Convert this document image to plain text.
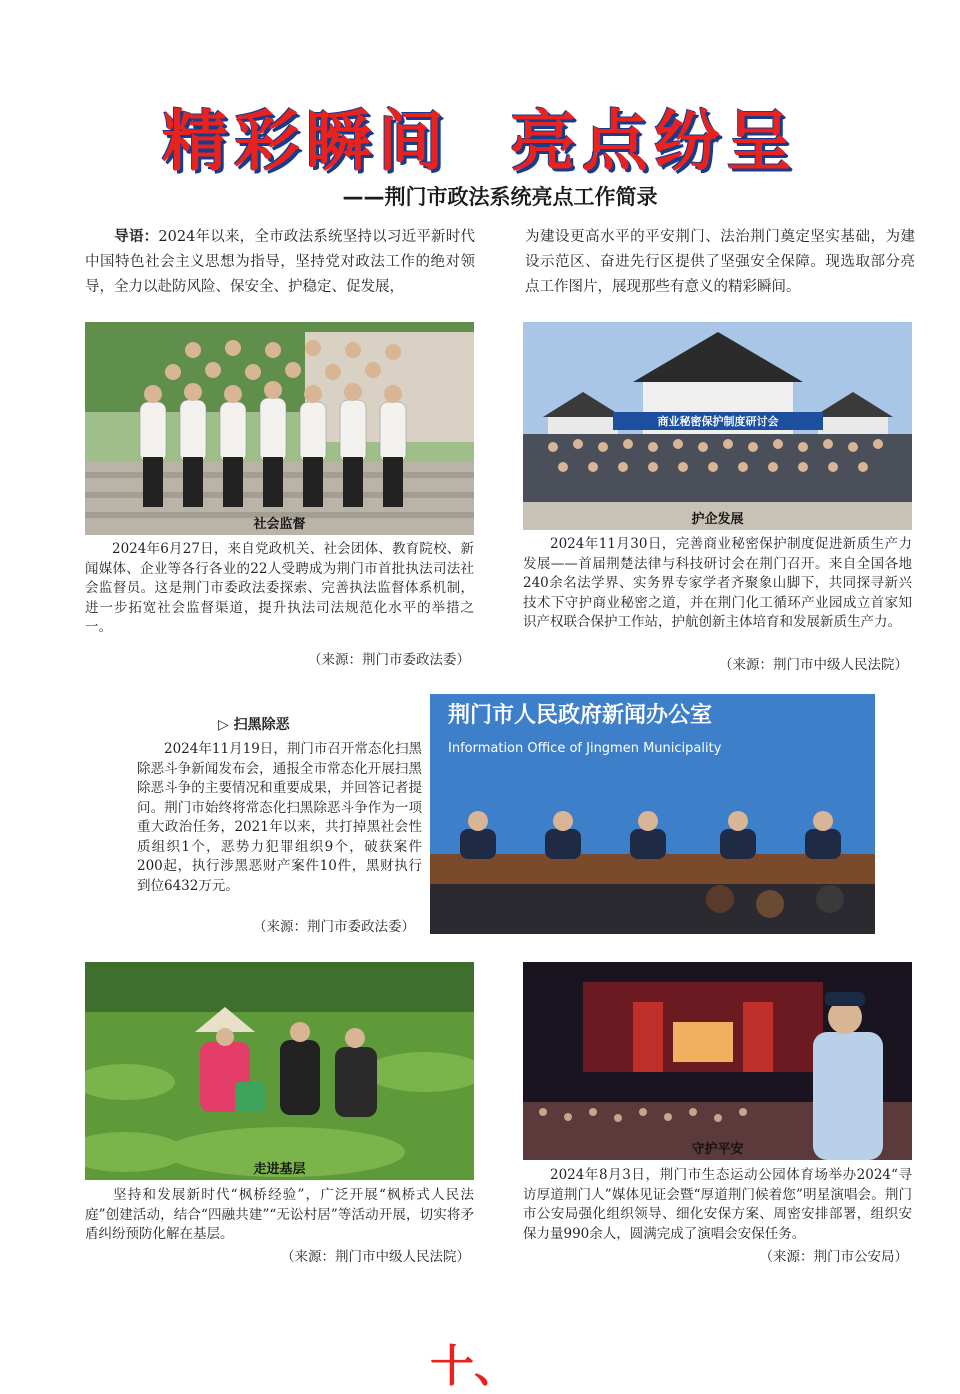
精彩瞬间 亮点纷呈
——荆门市政法系统亮点工作简录
  导语：2024年以来，全市政法系统坚持以习近平新时代中国特色社会主义思想为指导，坚持党对政法工作的绝对领导，全力以赴防风险、保安全、护稳定、促发展，
为建设更高水平的平安荆门、法治荆门奠定坚实基础，为建设示范区、奋进先行区提供了坚强安全保障。现选取部分亮点工作图片，展现那些有意义的精彩瞬间。
社会监督
  2024年6月27日，来自党政机关、社会团体、教育院校、新闻媒体、企业等各行各业的22人受聘成为荆门市首批执法司法社会监督员。这是荆门市委政法委探索、完善执法监督体系机制，进一步拓宽社会监督渠道，提升执法司法规范化水平的举措之一。
（来源：荆门市委政法委）
商业秘密保护制度研讨会
护企发展
  2024年11月30日，完善商业秘密保护制度促进新质生产力发展——首届荆楚法律与科技研讨会在荆门召开。来自全国各地240余名法学界、实务界专家学者齐聚象山脚下，共同探寻新兴技术下守护商业秘密之道，并在荆门化工循环产业园成立首家知识产权联合保护工作站，护航创新主体培育和发展新质生产力。
（来源：荆门市中级人民法院）
▷ 扫黑除恶
  2024年11月19日，荆门市召开常态化扫黑除恶斗争新闻发布会，通报全市常态化开展扫黑除恶斗争的主要情况和重要成果，并回答记者提问。荆门市始终将常态化扫黑除恶斗争作为一项重大政治任务，2021年以来，共打掉黑社会性质组织1个，恶势力犯罪组织9个，破获案件200起，执行涉黑恶财产案件10件，黑财执行到位6432万元。
（来源：荆门市委政法委）
荆门市人民政府新闻办公室
Information Office of Jingmen Municipality
走进基层
  坚持和发展新时代“枫桥经验”，广泛开展“枫桥式人民法庭”创建活动，结合“四融共建”“无讼村居”等活动开展，切实将矛盾纠纷预防化解在基层。
（来源：荆门市中级人民法院）
守护平安
  2024年8月3日，荆门市生态运动公园体育场举办2024“寻访厚道荆门人”媒体见证会暨“厚道荆门候着您”明星演唱会。荆门市公安局强化组织领导、细化安保方案、周密安排部署，组织安保力量990余人，圆满完成了演唱会安保任务。
（来源：荆门市公安局）
十、
